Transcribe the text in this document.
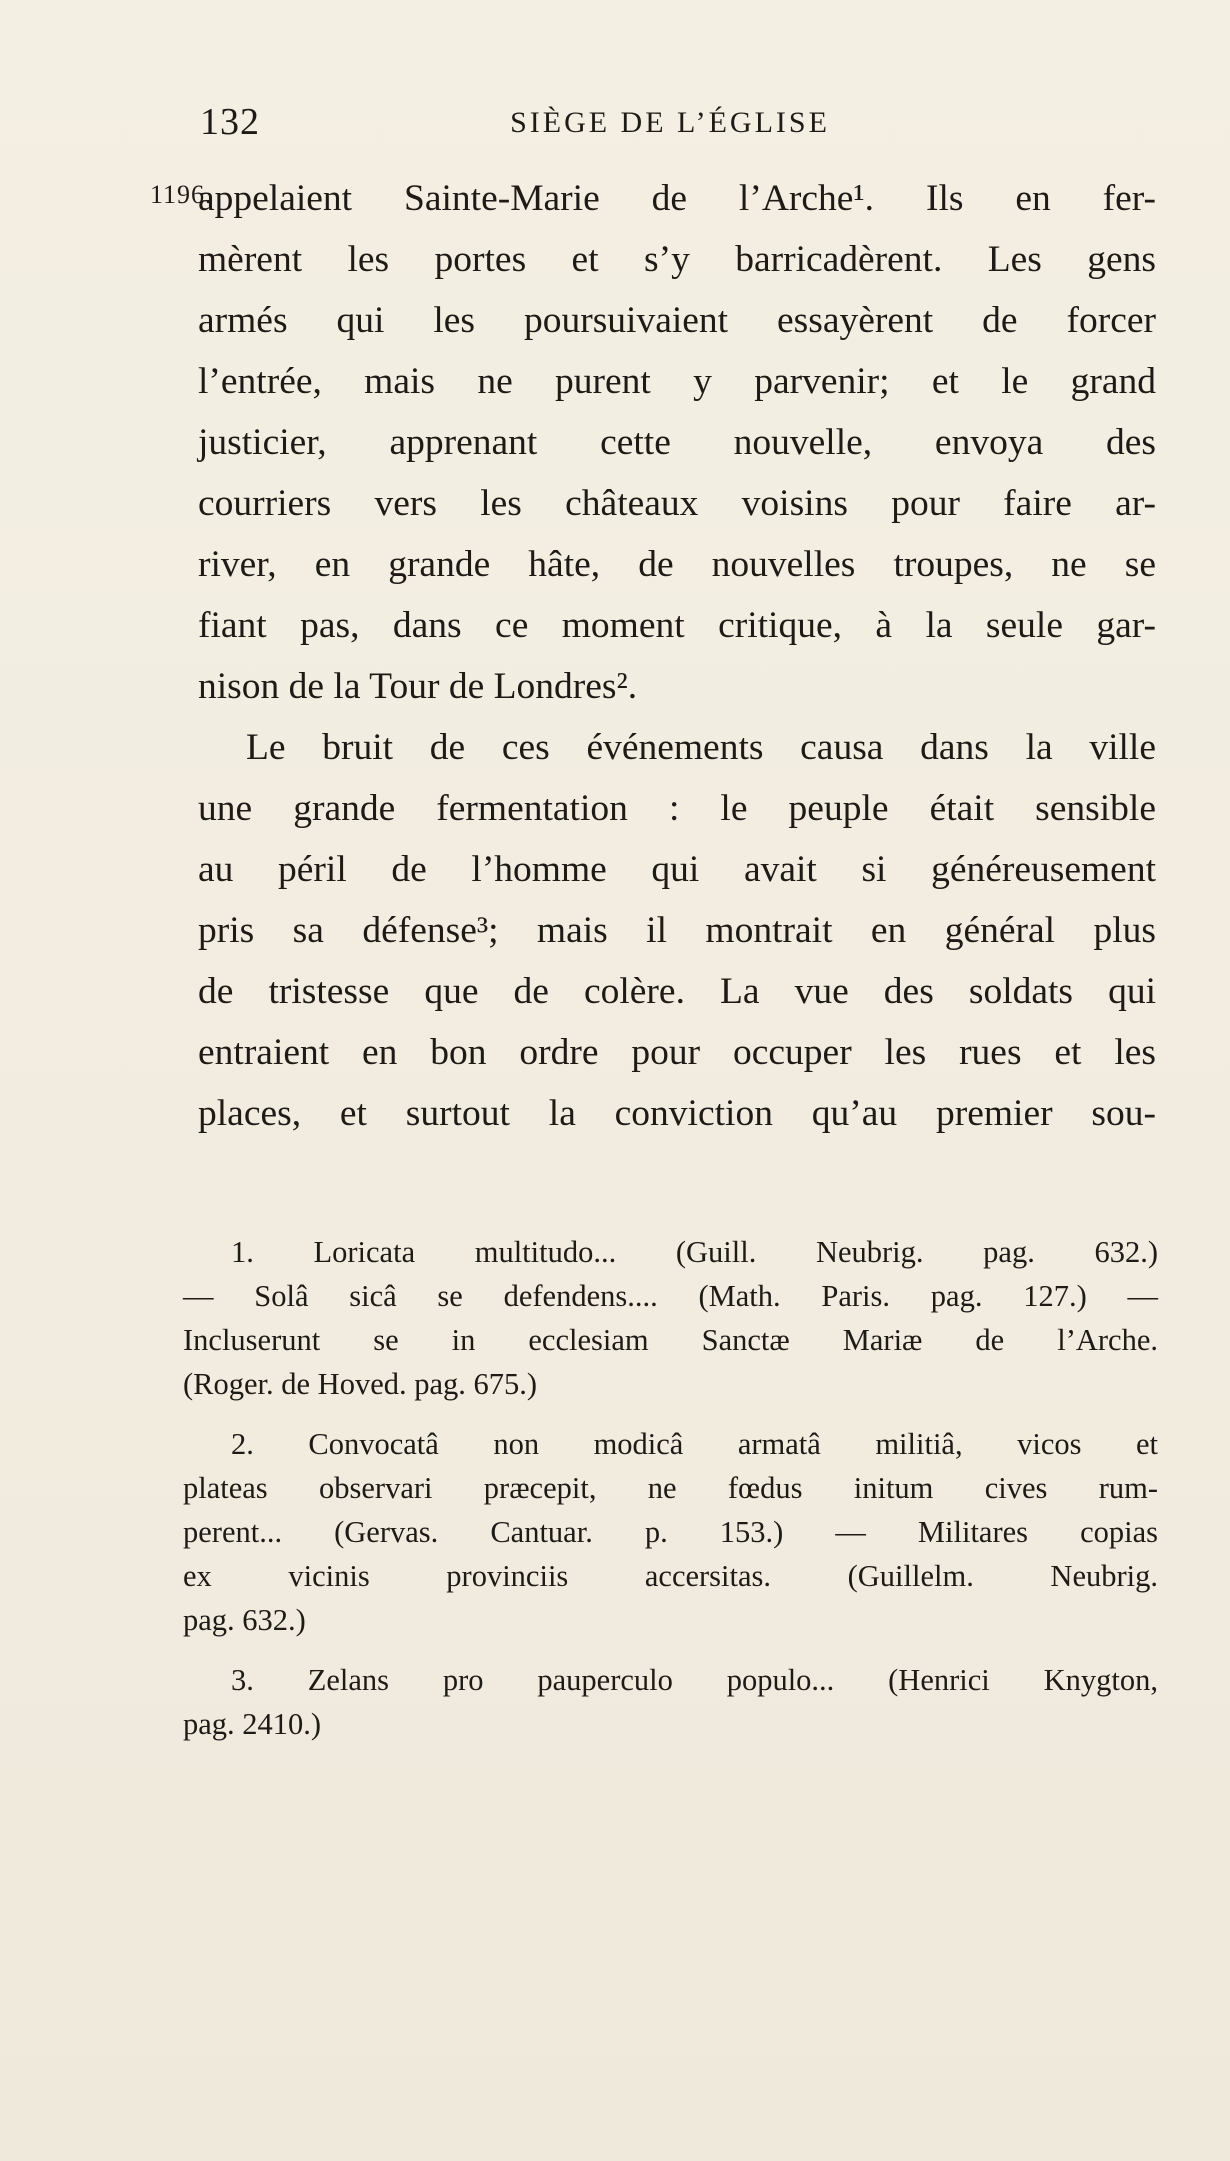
132	SIÈGE DE L’ÉGLISE
1196.
appelaient Sainte-Marie de l’Arche¹. Ils en fer-
mèrent les portes et s’y barricadèrent. Les gens
armés qui les poursuivaient essayèrent de forcer
l’entrée, mais ne purent y parvenir; et le grand
justicier, apprenant cette nouvelle, envoya des
courriers vers les châteaux voisins pour faire ar-
river, en grande hâte, de nouvelles troupes, ne se
fiant pas, dans ce moment critique, à la seule gar-
nison de la Tour de Londres².
Le bruit de ces événements causa dans la ville
une grande fermentation : le peuple était sensible
au péril de l’homme qui avait si généreusement
pris sa défense³; mais il montrait en général plus
de tristesse que de colère. La vue des soldats qui
entraient en bon ordre pour occuper les rues et les
places, et surtout la conviction qu’au premier sou-
1. Loricata multitudo... (Guill. Neubrig. pag. 632.)
— Solâ sicâ se defendens.... (Math. Paris. pag. 127.) —
Incluserunt se in ecclesiam Sanctæ Mariæ de l’Arche.
(Roger. de Hoved. pag. 675.)
2. Convocatâ non modicâ armatâ militiâ, vicos et
plateas observari præcepit, ne fœdus initum cives rum-
perent... (Gervas. Cantuar. p. 153.) — Militares copias
ex vicinis provinciis accersitas. (Guillelm. Neubrig.
pag. 632.)
3. Zelans pro pauperculo populo... (Henrici Knygton,
pag. 2410.)
